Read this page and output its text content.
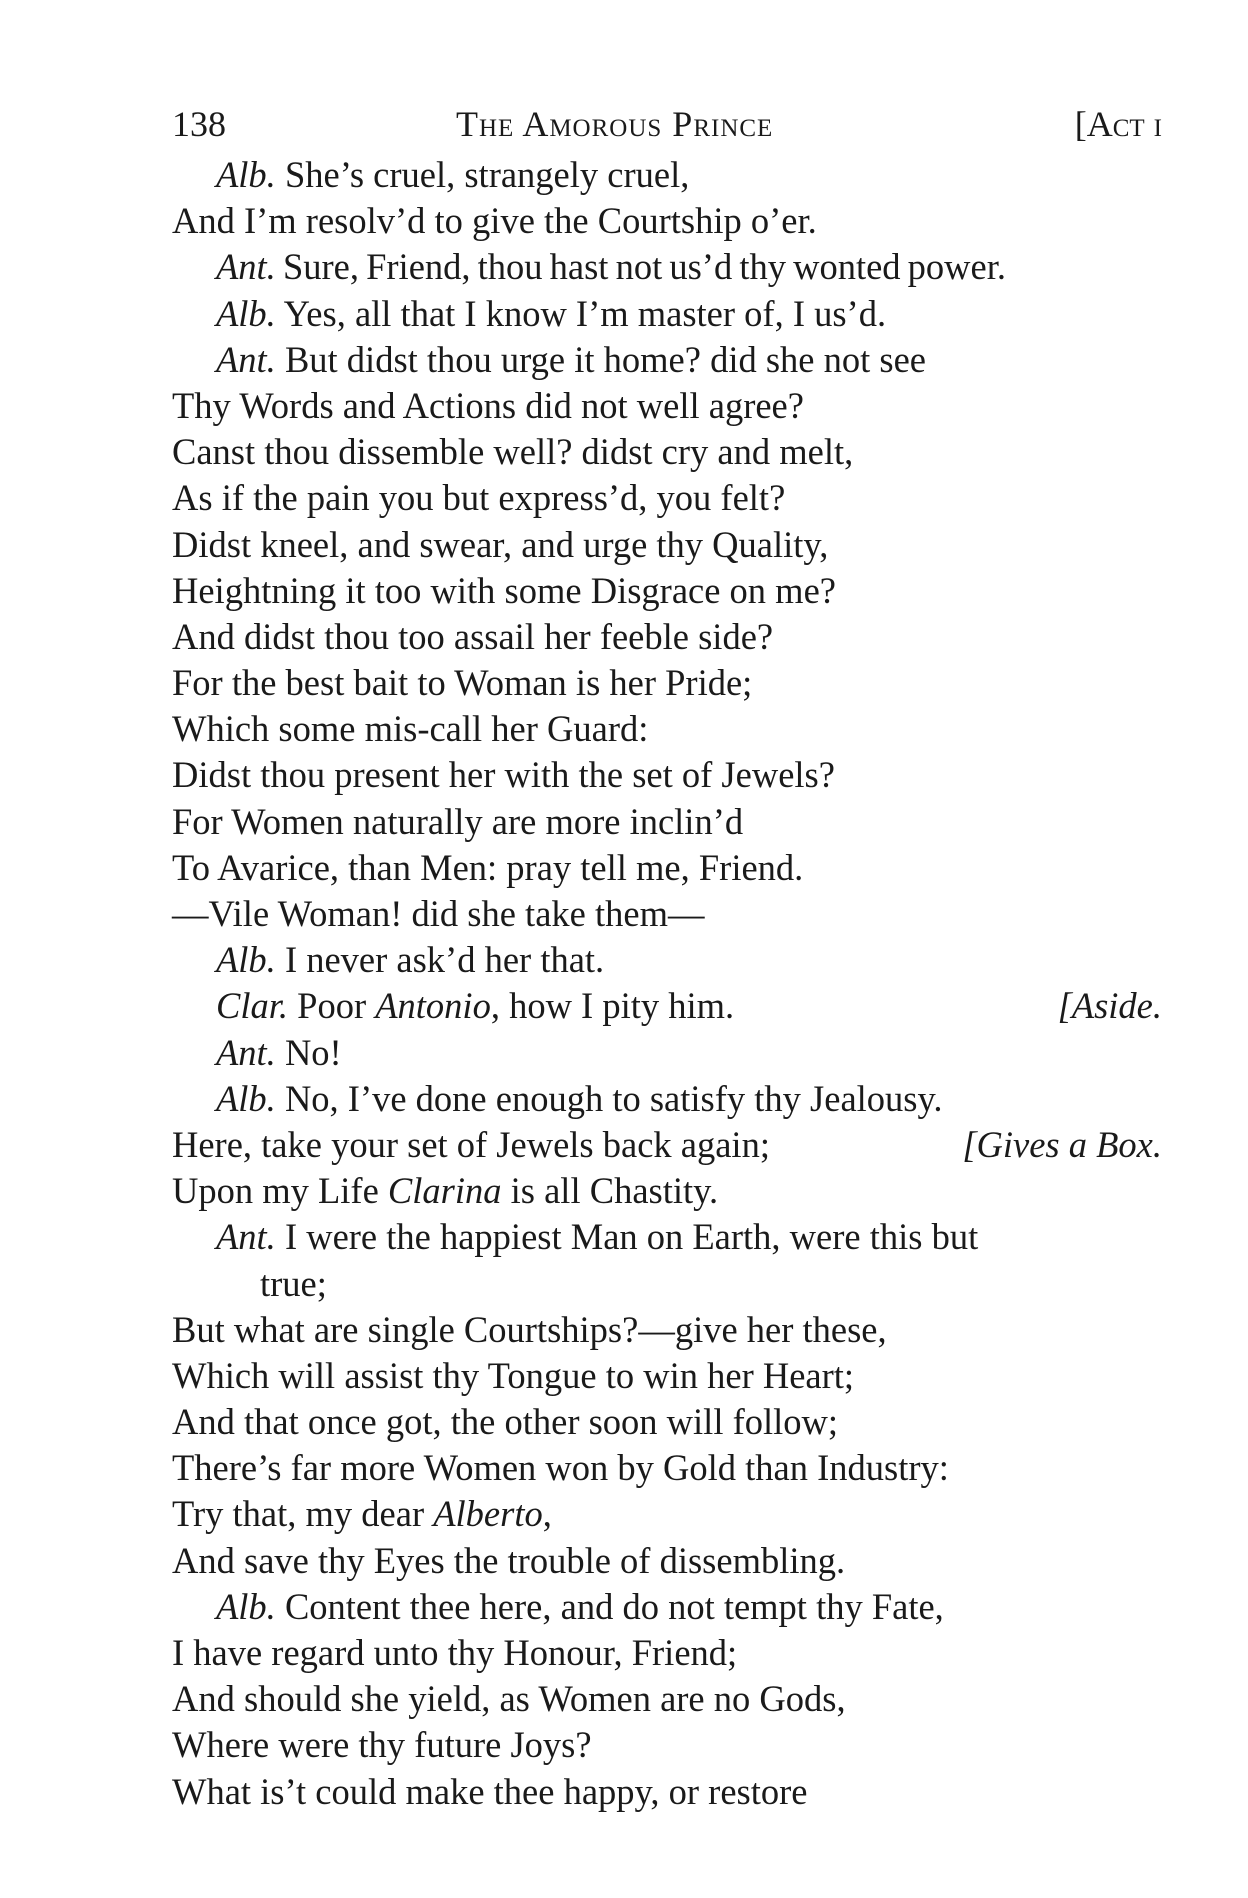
138	The Amorous Prince	[Act i
Alb. She’s cruel, strangely cruel,
And I’m resolv’d to give the Courtship o’er.
Ant. Sure, Friend, thou hast not us’d thy wonted power.
Alb. Yes, all that I know I’m master of, I us’d.
Ant. But didst thou urge it home? did she not see
Thy Words and Actions did not well agree?
Canst thou dissemble well? didst cry and melt,
As if the pain you but express’d, you felt?
Didst kneel, and swear, and urge thy Quality,
Heightning it too with some Disgrace on me?
And didst thou too assail her feeble side?
For the best bait to Woman is her Pride;
Which some mis-call her Guard:
Didst thou present her with the set of Jewels?
For Women naturally are more inclin’d
To Avarice, than Men: pray tell me, Friend.
—Vile Woman! did she take them—
Alb. I never ask’d her that.
Clar. Poor Antonio, how I pity him.	[Aside.
Ant. No!
Alb. No, I’ve done enough to satisfy thy Jealousy.
Here, take your set of Jewels back again;	[Gives a Box.
Upon my Life Clarina is all Chastity.
Ant. I were the happiest Man on Earth, were this but
true;
But what are single Courtships?—give her these,
Which will assist thy Tongue to win her Heart;
And that once got, the other soon will follow;
There’s far more Women won by Gold than Industry:
Try that, my dear Alberto,
And save thy Eyes the trouble of dissembling.
Alb. Content thee here, and do not tempt thy Fate,
I have regard unto thy Honour, Friend;
And should she yield, as Women are no Gods,
Where were thy future Joys?
What is’t could make thee happy, or restore
